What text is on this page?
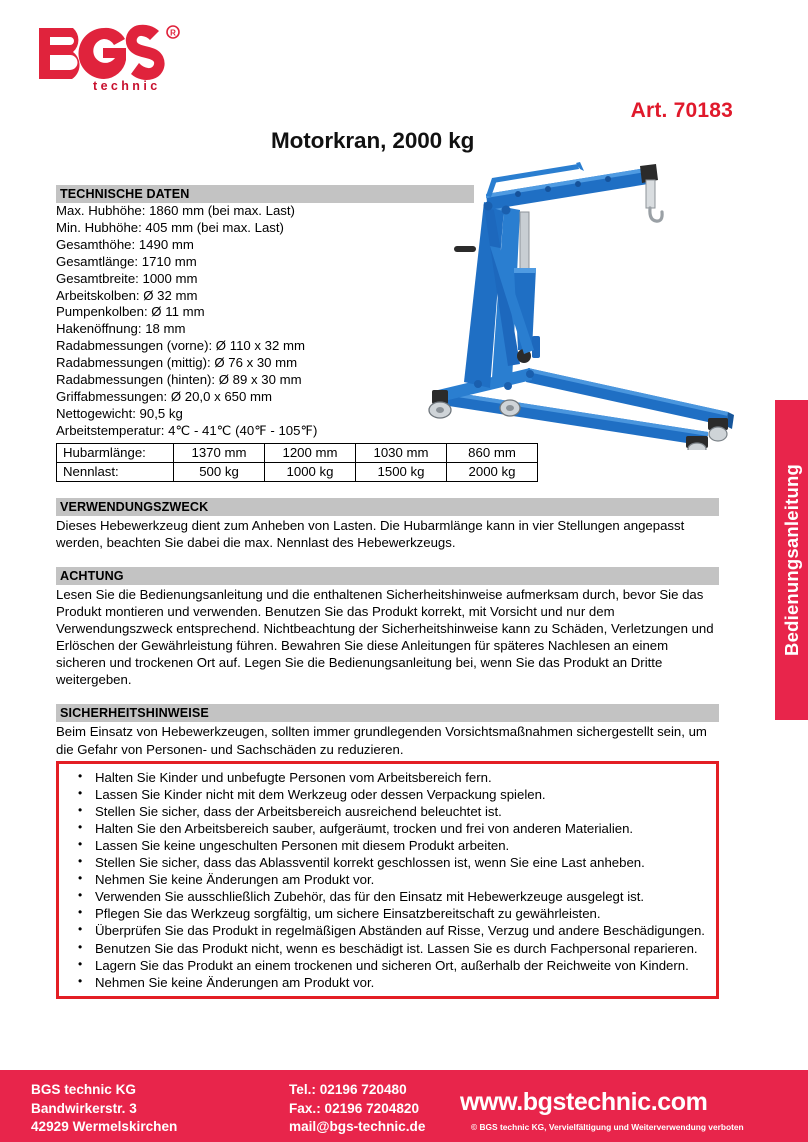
R
technic
Art. 70183
Motorkran, 2000 kg
Bedienungsanleitung
TECHNISCHE DATEN
Max. Hubhöhe: 1860 mm (bei max. Last)
Min. Hubhöhe: 405 mm (bei max. Last)
Gesamthöhe: 1490 mm
Gesamtlänge: 1710 mm
Gesamtbreite: 1000 mm
Arbeitskolben: Ø 32 mm
Pumpenkolben: Ø 11 mm
Hakenöffnung: 18 mm
Radabmessungen (vorne): Ø 110 x 32 mm
Radabmessungen (mittig): Ø 76 x 30 mm
Radabmessungen (hinten): Ø 89 x 30 mm
Griffabmessungen: Ø 20,0 x 650 mm
Nettogewicht: 90,5 kg
Arbeitstemperatur: 4℃ - 41℃ (40℉ - 105℉)
Hubarmlänge:	1370 mm	1200 mm	1030 mm	860 mm
Nennlast:	500 kg	1000 kg	1500 kg	2000 kg
VERWENDUNGSZWECK

Dieses Hebewerkzeug dient zum Anheben von Lasten. Die Hubarmlänge kann in vier Stellungen angepasst werden, beachten Sie dabei die max. Nennlast des Hebewerkzeugs.

ACHTUNG

Lesen Sie die Bedienungsanleitung und die enthaltenen Sicherheitshinweise aufmerksam durch, bevor Sie das Produkt montieren und verwenden. Benutzen Sie das Produkt korrekt, mit Vorsicht und nur dem Verwendungszweck entsprechend. Nichtbeachtung der Sicherheitshinweise kann zu Schäden, Verletzungen und Erlöschen der Gewährleistung führen. Bewahren Sie diese Anleitungen für späteres Nachlesen an einem sicheren und trockenen Ort auf. Legen Sie die Bedienungsanleitung bei, wenn Sie das Produkt an Dritte weitergeben.

SICHERHEITSHINWEISE

Beim Einsatz von Hebewerkzeugen, sollten immer grundlegenden Vorsichtsmaßnahmen sichergestellt sein, um die Gefahr von Personen- und Sachschäden zu reduzieren.

• Halten Sie Kinder und unbefugte Personen vom Arbeitsbereich fern.
• Lassen Sie Kinder nicht mit dem Werkzeug oder dessen Verpackung spielen.
• Stellen Sie sicher, dass der Arbeitsbereich ausreichend beleuchtet ist.
• Halten Sie den Arbeitsbereich sauber, aufgeräumt, trocken und frei von anderen Materialien.
• Lassen Sie keine ungeschulten Personen mit diesem Produkt arbeiten.
• Stellen Sie sicher, dass das Ablassventil korrekt geschlossen ist, wenn Sie eine Last anheben.
• Nehmen Sie keine Änderungen am Produkt vor.
• Verwenden Sie ausschließlich Zubehör, das für den Einsatz mit Hebewerkzeuge ausgelegt ist.
• Pflegen Sie das Werkzeug sorgfältig, um sichere Einsatzbereitschaft zu gewährleisten.
• Überprüfen Sie das Produkt in regelmäßigen Abständen auf Risse, Verzug und andere Beschädigungen.
• Benutzen Sie das Produkt nicht, wenn es beschädigt ist. Lassen Sie es durch Fachpersonal reparieren.
• Lagern Sie das Produkt an einem trockenen und sicheren Ort, außerhalb der Reichweite von Kindern.
• Nehmen Sie keine Änderungen am Produkt vor.
BGS technic KG
Bandwirkerstr. 3
42929 Wermelskirchen
Tel.: 02196 720480
Fax.: 02196 7204820
mail@bgs-technic.de
www.bgstechnic.com
© BGS technic KG, Vervielfältigung und Weiterverwendung verboten
